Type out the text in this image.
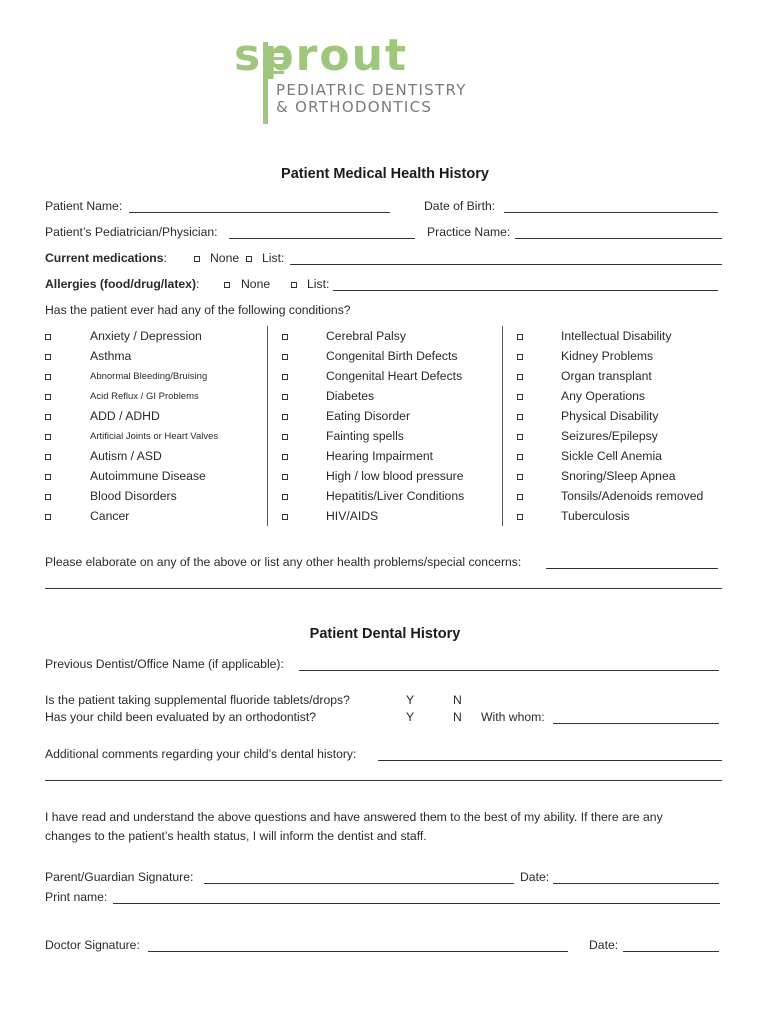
sprout
PEDIATRIC DENTISTRY
& ORTHODONTICS
Patient Medical Health History
Patient Name:	Date of Birth:
Patient’s Pediatrician/Physician:	Practice Name:
Current medications:	None List:
Allergies (food/drug/latex):	None	List:
Has the patient ever had any of the following conditions?
Anxiety / Depression
Asthma
Abnormal Bleeding/Bruising
Acid Reflux / GI Problems
ADD / ADHD
Artificial Joints or Heart Valves
Autism / ASD
Autoimmune Disease
Blood Disorders
Cancer
Cerebral Palsy
Congenital Birth Defects
Congenital Heart Defects
Diabetes
Eating Disorder
Fainting spells
Hearing Impairment
High / low blood pressure
Hepatitis/Liver Conditions
HIV/AIDS
Intellectual Disability
Kidney Problems
Organ transplant
Any Operations
Physical Disability
Seizures/Epilepsy
Sickle Cell Anemia
Snoring/Sleep Apnea
Tonsils/Adenoids removed
Tuberculosis
Please elaborate on any of the above or list any other health problems/special concerns:
Patient Dental History
Previous Dentist/Office Name (if applicable):
Is the patient taking supplemental fluoride tablets/drops?	Y	N
Has your child been evaluated by an orthodontist?	Y	N With whom:
Additional comments regarding your child’s dental history:
I have read and understand the above questions and have answered them to the best of my ability. If there are any
changes to the patient’s health status, I will inform the dentist and staff.
Parent/Guardian Signature:	Date:
Print name:
Doctor Signature:	Date:
